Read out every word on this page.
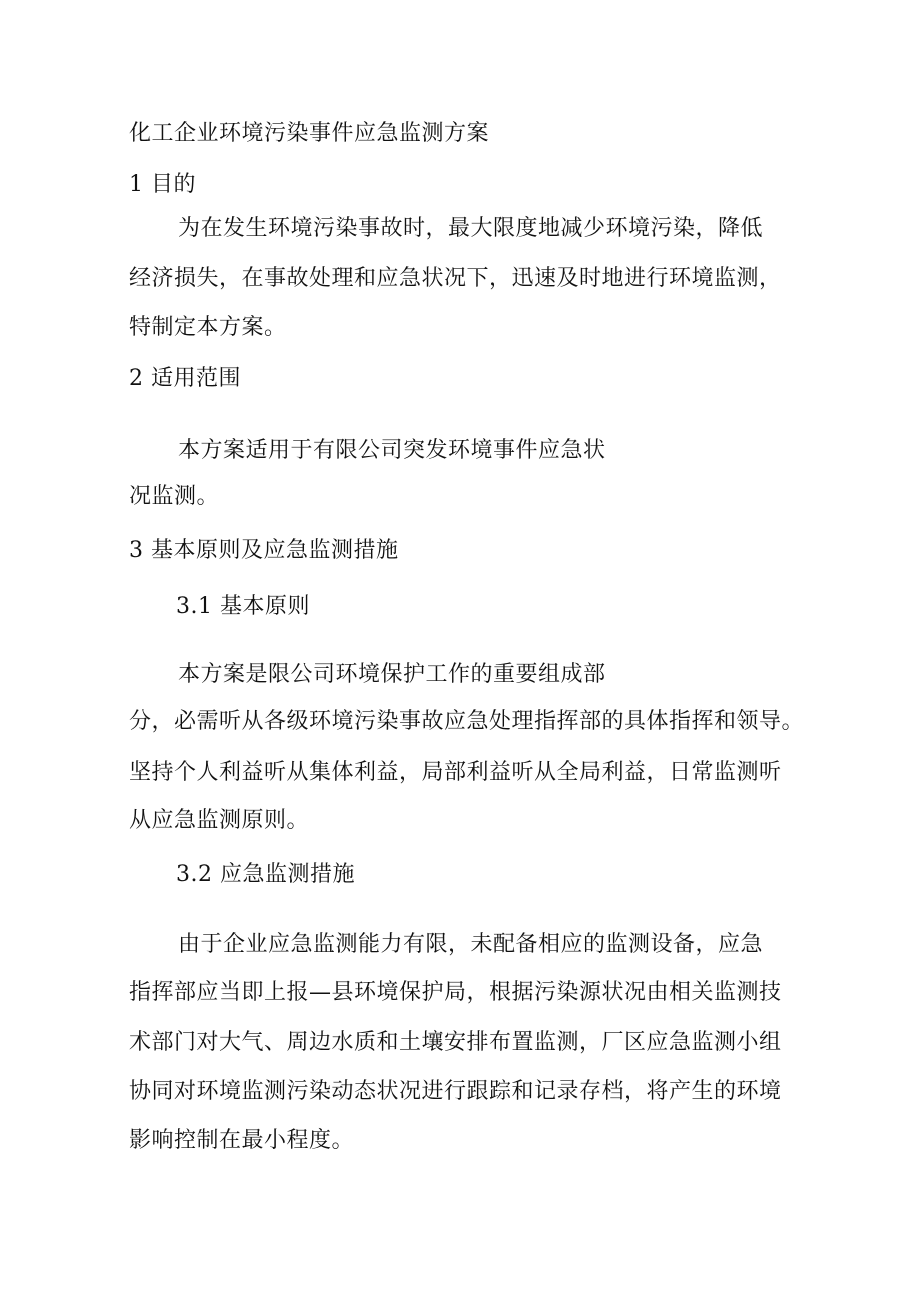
化工企业环境污染事件应急监测方案
1 目的
为在发生环境污染事故时，最大限度地减少环境污染，降低
经济损失，在事故处理和应急状况下，迅速及时地进行环境监测，
特制定本方案。
2 适用范围
本方案适用于有限公司突发环境事件应急状
况监测。
3 基本原则及应急监测措施
3.1 基本原则
本方案是限公司环境保护工作的重要组成部
分，必需听从各级环境污染事故应急处理指挥部的具体指挥和领导。
坚持个人利益听从集体利益，局部利益听从全局利益，日常监测听
从应急监测原则。
3.2 应急监测措施
由于企业应急监测能力有限，未配备相应的监测设备，应急
指挥部应当即上报—县环境保护局，根据污染源状况由相关监测技
术部门对大气、周边水质和土壤安排布置监测，厂区应急监测小组
协同对环境监测污染动态状况进行跟踪和记录存档，将产生的环境
影响控制在最小程度。
